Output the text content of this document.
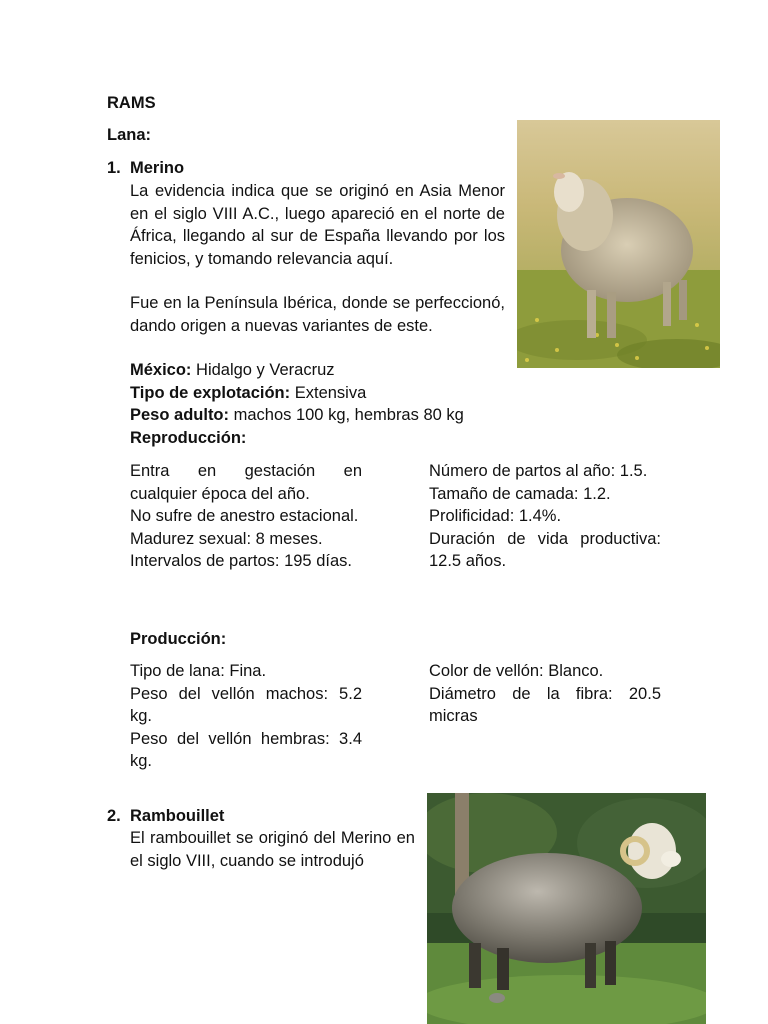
RAMS
Lana:
1. Merino

La evidencia indica que se originó en Asia Menor en el siglo VIII A.C., luego apareció en el norte de África, llegando al sur de España llevando por los fenicios, y tomando relevancia aquí.

Fue en la Península Ibérica, donde se perfeccionó, dando origen a nuevas variantes de este.

México: Hidalgo y Veracruz
Tipo de explotación: Extensiva
Peso adulto: machos 100 kg, hembras 80 kg
Reproducción:
Entra en gestación en cualquier época del año.
No sufre de anestro estacional.
Madurez sexual: 8 meses.
Intervalos de partos: 195 días.
Número de partos al año: 1.5.
Tamaño de camada: 1.2.
Prolificidad: 1.4%.
Duración de vida productiva: 12.5 años.
Producción:
Tipo de lana: Fina.
Peso del vellón machos: 5.2 kg.
Peso del vellón hembras: 3.4 kg.
Color de vellón: Blanco.
Diámetro de la fibra: 20.5 micras
2. Rambouillet

El rambouillet se originó del Merino en el siglo VIII, cuando se introdujó
